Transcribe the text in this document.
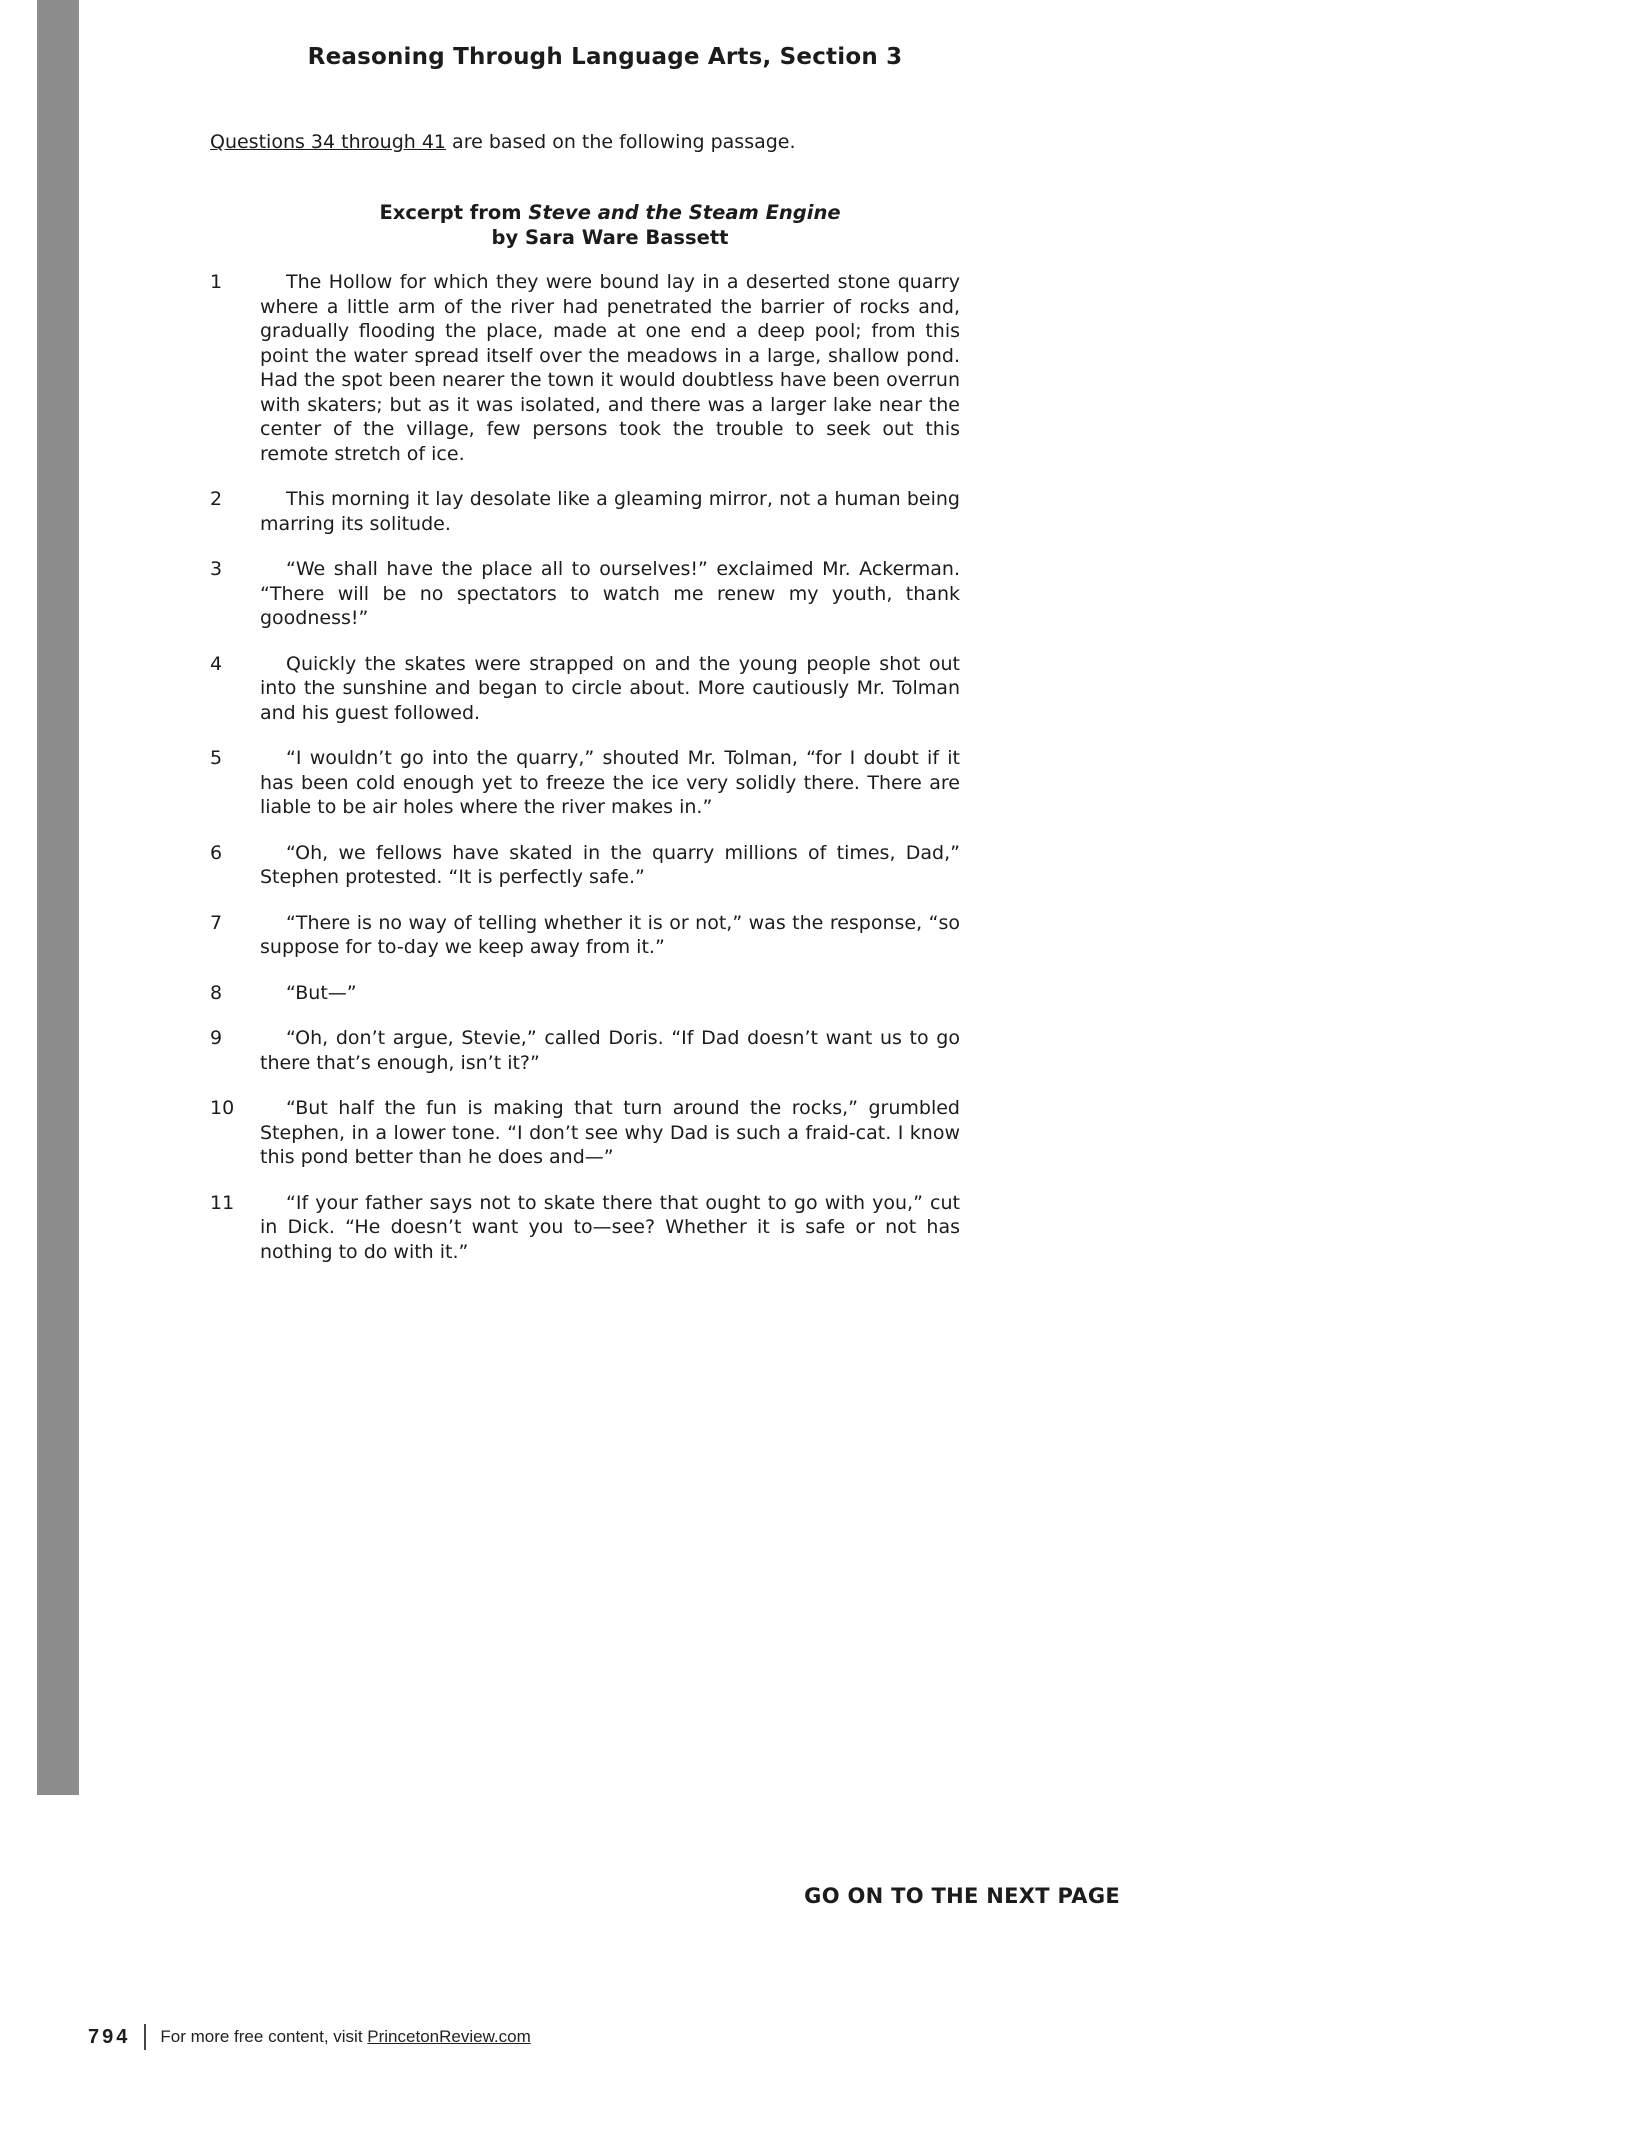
Reasoning Through Language Arts, Section 3
Questions 34 through 41 are based on the following passage.
Excerpt from Steve and the Steam Engine
by Sara Ware Bassett
1	The Hollow for which they were bound lay in a deserted stone quarry where a little arm of the river had penetrated the barrier of rocks and, gradually flooding the place, made at one end a deep pool; from this point the water spread itself over the meadows in a large, shallow pond. Had the spot been nearer the town it would doubtless have been overrun with skaters; but as it was isolated, and there was a larger lake near the center of the village, few persons took the trouble to seek out this remote stretch of ice.
2	This morning it lay desolate like a gleaming mirror, not a human being marring its solitude.
3	“We shall have the place all to ourselves!” exclaimed Mr. Ackerman. “There will be no spectators to watch me renew my youth, thank goodness!”
4	Quickly the skates were strapped on and the young people shot out into the sunshine and began to circle about. More cautiously Mr. Tolman and his guest followed.
5	“I wouldn’t go into the quarry,” shouted Mr. Tolman, “for I doubt if it has been cold enough yet to freeze the ice very solidly there. There are liable to be air holes where the river makes in.”
6	“Oh, we fellows have skated in the quarry millions of times, Dad,” Stephen protested. “It is perfectly safe.”
7	“There is no way of telling whether it is or not,” was the response, “so suppose for to-day we keep away from it.”
8	“But—”
9	“Oh, don’t argue, Stevie,” called Doris. “If Dad doesn’t want us to go there that’s enough, isn’t it?”
10	“But half the fun is making that turn around the rocks,” grumbled Stephen, in a lower tone. “I don’t see why Dad is such a fraid-cat. I know this pond better than he does and—”
11	“If your father says not to skate there that ought to go with you,” cut in Dick. “He doesn’t want you to—see? Whether it is safe or not has nothing to do with it.”
GO ON TO THE NEXT PAGE
794 For more free content, visit PrincetonReview.com
